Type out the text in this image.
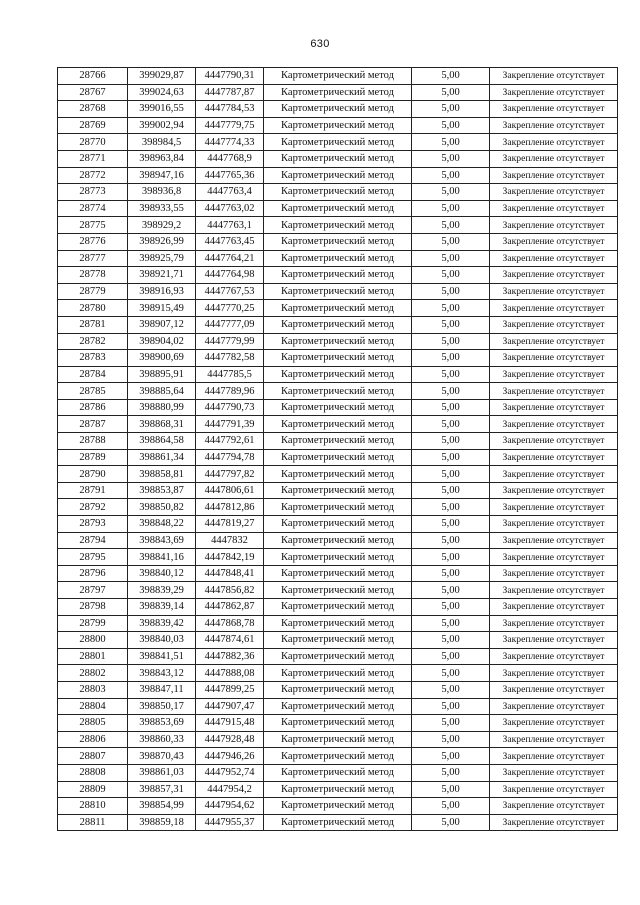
630
28766	399029,87	4447790,31	Картометрический метод	5,00	Закрепление отсутствует
28767	399024,63	4447787,87	Картометрический метод	5,00	Закрепление отсутствует
28768	399016,55	4447784,53	Картометрический метод	5,00	Закрепление отсутствует
28769	399002,94	4447779,75	Картометрический метод	5,00	Закрепление отсутствует
28770	398984,5	4447774,33	Картометрический метод	5,00	Закрепление отсутствует
28771	398963,84	4447768,9	Картометрический метод	5,00	Закрепление отсутствует
28772	398947,16	4447765,36	Картометрический метод	5,00	Закрепление отсутствует
28773	398936,8	4447763,4	Картометрический метод	5,00	Закрепление отсутствует
28774	398933,55	4447763,02	Картометрический метод	5,00	Закрепление отсутствует
28775	398929,2	4447763,1	Картометрический метод	5,00	Закрепление отсутствует
28776	398926,99	4447763,45	Картометрический метод	5,00	Закрепление отсутствует
28777	398925,79	4447764,21	Картометрический метод	5,00	Закрепление отсутствует
28778	398921,71	4447764,98	Картометрический метод	5,00	Закрепление отсутствует
28779	398916,93	4447767,53	Картометрический метод	5,00	Закрепление отсутствует
28780	398915,49	4447770,25	Картометрический метод	5,00	Закрепление отсутствует
28781	398907,12	4447777,09	Картометрический метод	5,00	Закрепление отсутствует
28782	398904,02	4447779,99	Картометрический метод	5,00	Закрепление отсутствует
28783	398900,69	4447782,58	Картометрический метод	5,00	Закрепление отсутствует
28784	398895,91	4447785,5	Картометрический метод	5,00	Закрепление отсутствует
28785	398885,64	4447789,96	Картометрический метод	5,00	Закрепление отсутствует
28786	398880,99	4447790,73	Картометрический метод	5,00	Закрепление отсутствует
28787	398868,31	4447791,39	Картометрический метод	5,00	Закрепление отсутствует
28788	398864,58	4447792,61	Картометрический метод	5,00	Закрепление отсутствует
28789	398861,34	4447794,78	Картометрический метод	5,00	Закрепление отсутствует
28790	398858,81	4447797,82	Картометрический метод	5,00	Закрепление отсутствует
28791	398853,87	4447806,61	Картометрический метод	5,00	Закрепление отсутствует
28792	398850,82	4447812,86	Картометрический метод	5,00	Закрепление отсутствует
28793	398848,22	4447819,27	Картометрический метод	5,00	Закрепление отсутствует
28794	398843,69	4447832	Картометрический метод	5,00	Закрепление отсутствует
28795	398841,16	4447842,19	Картометрический метод	5,00	Закрепление отсутствует
28796	398840,12	4447848,41	Картометрический метод	5,00	Закрепление отсутствует
28797	398839,29	4447856,82	Картометрический метод	5,00	Закрепление отсутствует
28798	398839,14	4447862,87	Картометрический метод	5,00	Закрепление отсутствует
28799	398839,42	4447868,78	Картометрический метод	5,00	Закрепление отсутствует
28800	398840,03	4447874,61	Картометрический метод	5,00	Закрепление отсутствует
28801	398841,51	4447882,36	Картометрический метод	5,00	Закрепление отсутствует
28802	398843,12	4447888,08	Картометрический метод	5,00	Закрепление отсутствует
28803	398847,11	4447899,25	Картометрический метод	5,00	Закрепление отсутствует
28804	398850,17	4447907,47	Картометрический метод	5,00	Закрепление отсутствует
28805	398853,69	4447915,48	Картометрический метод	5,00	Закрепление отсутствует
28806	398860,33	4447928,48	Картометрический метод	5,00	Закрепление отсутствует
28807	398870,43	4447946,26	Картометрический метод	5,00	Закрепление отсутствует
28808	398861,03	4447952,74	Картометрический метод	5,00	Закрепление отсутствует
28809	398857,31	4447954,2	Картометрический метод	5,00	Закрепление отсутствует
28810	398854,99	4447954,62	Картометрический метод	5,00	Закрепление отсутствует
28811	398859,18	4447955,37	Картометрический метод	5,00	Закрепление отсутствует
